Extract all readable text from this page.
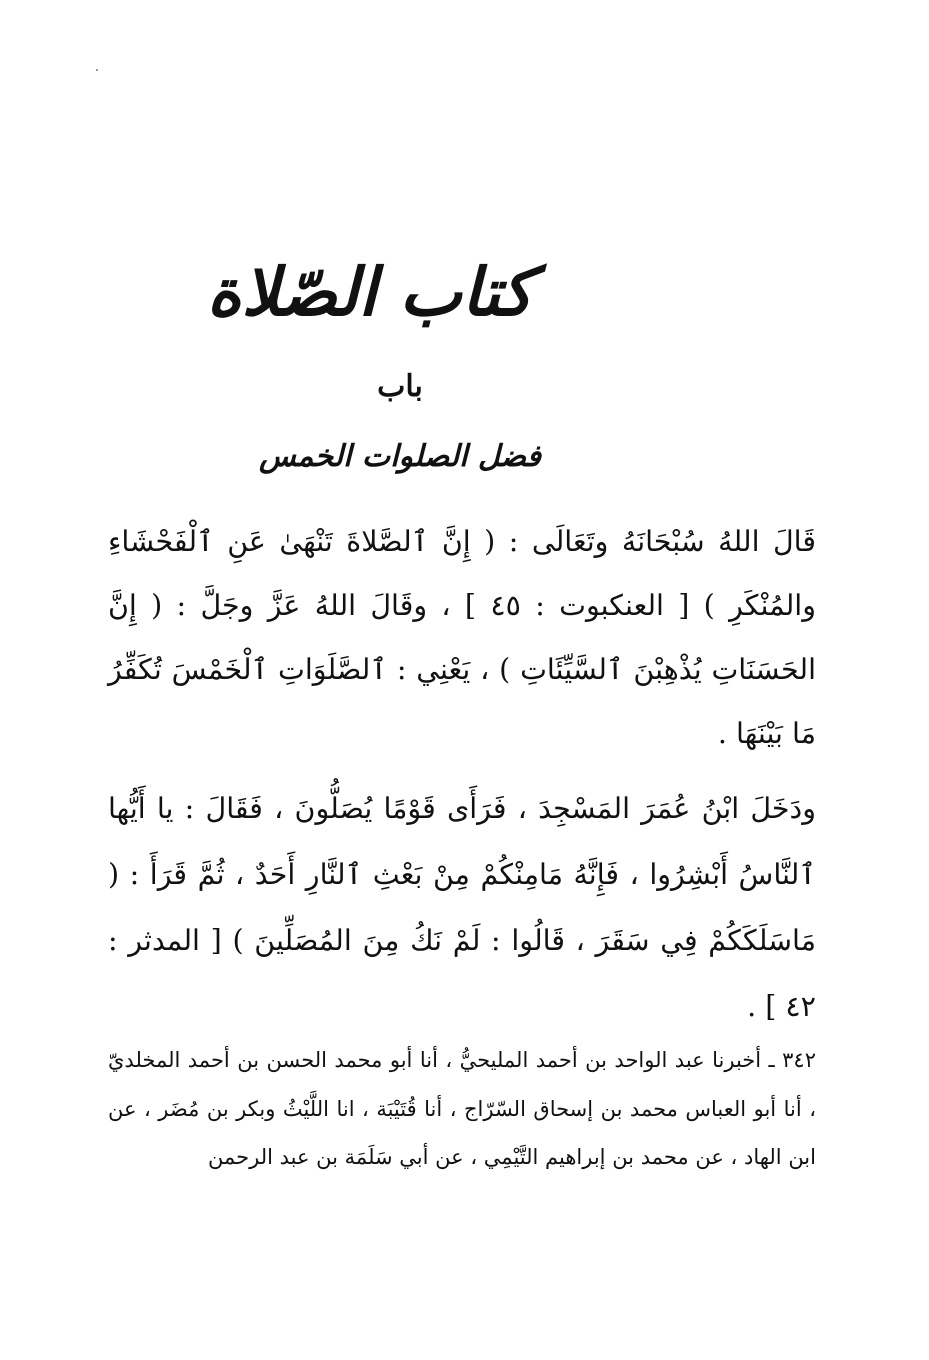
كتاب الصّلاة
باب
فضل الصلوات الخمس
قَالَ اللهُ سُبْحَانَهُ وتَعَالَى : ( إِنَّ ٱلصَّلاةَ تَنْهَىٰ عَنِ ٱلْفَحْشَاءِ والمُنْكَرِ ) [ العنكبوت : ٤٥ ] ، وقَالَ اللهُ عَزَّ وجَلَّ : ( إِنَّ الحَسَنَاتِ يُذْهِبْنَ ٱلسَّيِّئَاتِ ) ، يَعْنِي : ٱلصَّلَوَاتِ ٱلْخَمْسَ تُكَفِّرُ مَا بَيْنَهَا .
ودَخَلَ ابْنُ عُمَرَ المَسْجِدَ ، فَرَأَى قَوْمًا يُصَلُّونَ ، فَقَالَ : يا أَيُّها ٱلنَّاسُ أَبْشِرُوا ، فَإِنَّهُ مَامِنْكُمْ مِنْ بَعْثِ ٱلنَّارِ أَحَدٌ ، ثُمَّ قَرَأَ : ( مَاسَلَكَكُمْ فِي سَقَرَ ، قَالُوا : لَمْ نَكُ مِنَ المُصَلِّينَ ) [ المدثر : ٤٢ ] .
٣٤٢ ـ أخبرنا عبد الواحد بن أحمد المليحيُّ ، أنا أبو محمد الحسن بن أحمد المخلديّ ، أنا أبو العباس محمد بن إسحاق السّرّاج ، أنا قُتَيْبَة ، انا اللَّيْثُ وبكر بن مُضَر ، عن ابن الهاد ، عن محمد بن إبراهيم التَّيْمِي ، عن أبي سَلَمَة بن عبد الرحمن
